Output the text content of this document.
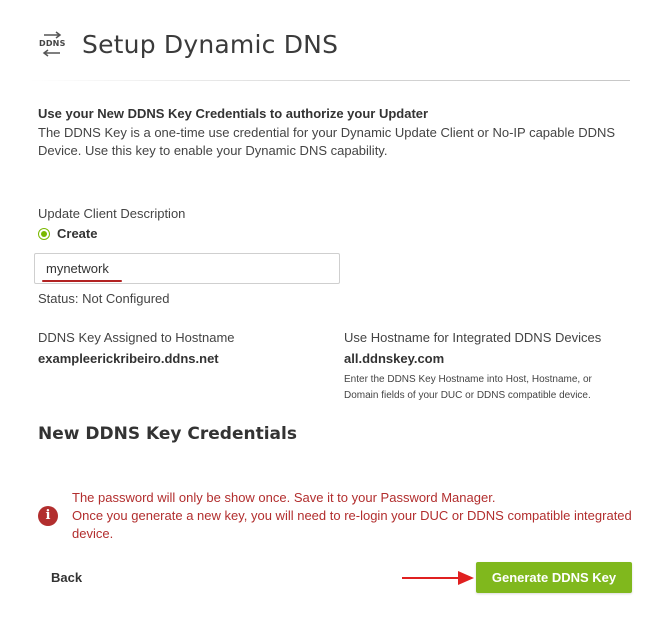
DDNS Setup Dynamic DNS
Use your New DDNS Key Credentials to authorize your Updater
The DDNS Key is a one-time use credential for your Dynamic Update Client or No-IP capable DDNS
Device. Use this key to enable your Dynamic DNS capability.
Update Client Description
Create
mynetwork
Status: Not Configured
DDNS Key Assigned to Hostname
exampleerickribeiro.ddns.net
Use Hostname for Integrated DDNS Devices
all.ddnskey.com
Enter the DDNS Key Hostname into Host, Hostname, or
Domain fields of your DUC or DDNS compatible device.
New DDNS Key Credentials
i
The password will only be show once. Save it to your Password Manager.
Once you generate a new key, you will need to re-login your DUC or DDNS compatible integrated
device.
Back	Generate DDNS Key
